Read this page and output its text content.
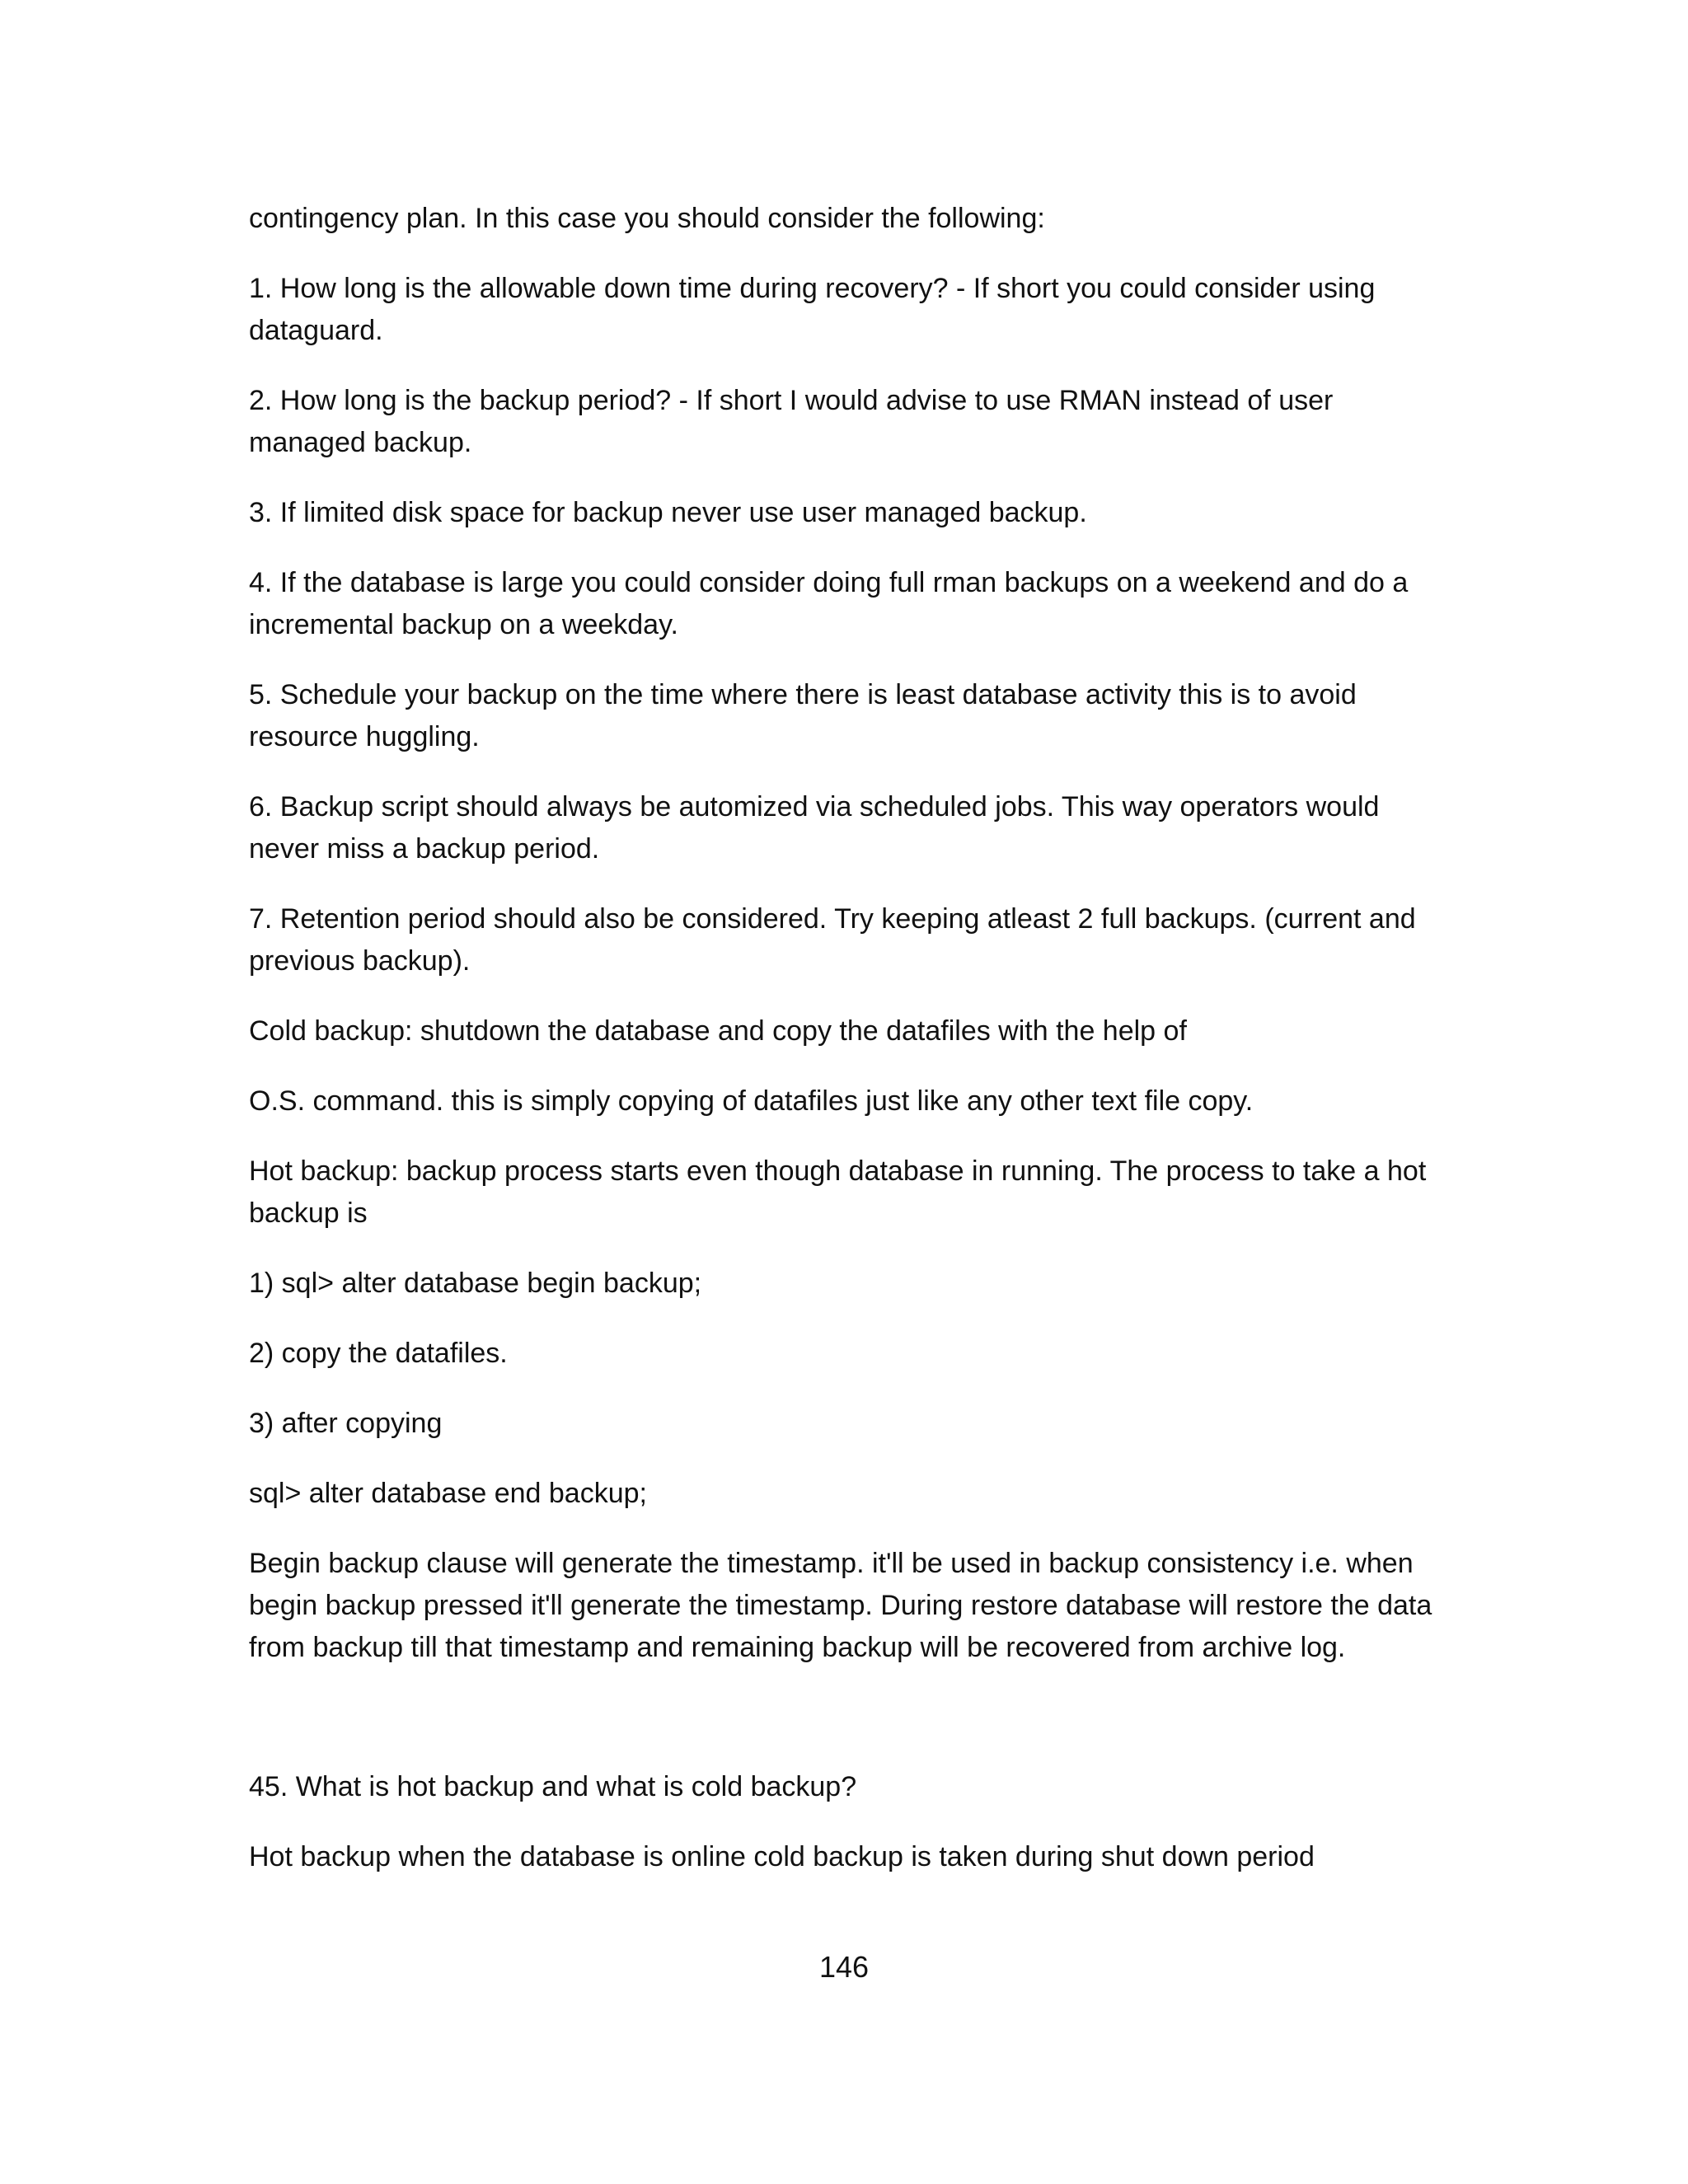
contingency plan. In this case you should consider the following:
1. How long is the allowable down time during recovery? - If short you could consider using
dataguard.
2. How long is the backup period? - If short I would advise to use RMAN instead of user
managed backup.
3. If limited disk space for backup never use user managed backup.
4. If the database is large you could consider doing full rman backups on a weekend and do a
incremental backup on a weekday.
5. Schedule your backup on the time where there is least database activity this is to avoid
resource huggling.
6. Backup script should always be automized via scheduled jobs. This way operators would
never miss a backup period.
7. Retention period should also be considered. Try keeping atleast 2 full backups. (current and
previous backup).
Cold backup: shutdown the database and copy the datafiles with the help of
O.S. command. this is simply copying of datafiles just like any other text file copy.
Hot backup: backup process starts even though database in running. The process to take a hot
backup is
1) sql> alter database begin backup;
2) copy the datafiles.
3) after copying
sql> alter database end backup;
Begin backup clause will generate the timestamp. it'll be used in backup consistency i.e. when
begin backup pressed it'll generate the timestamp. During restore database will restore the data
from backup till that timestamp and remaining backup will be recovered from archive log.
45. What is hot backup and what is cold backup?
Hot backup when the database is online cold backup is taken during shut down period
146
